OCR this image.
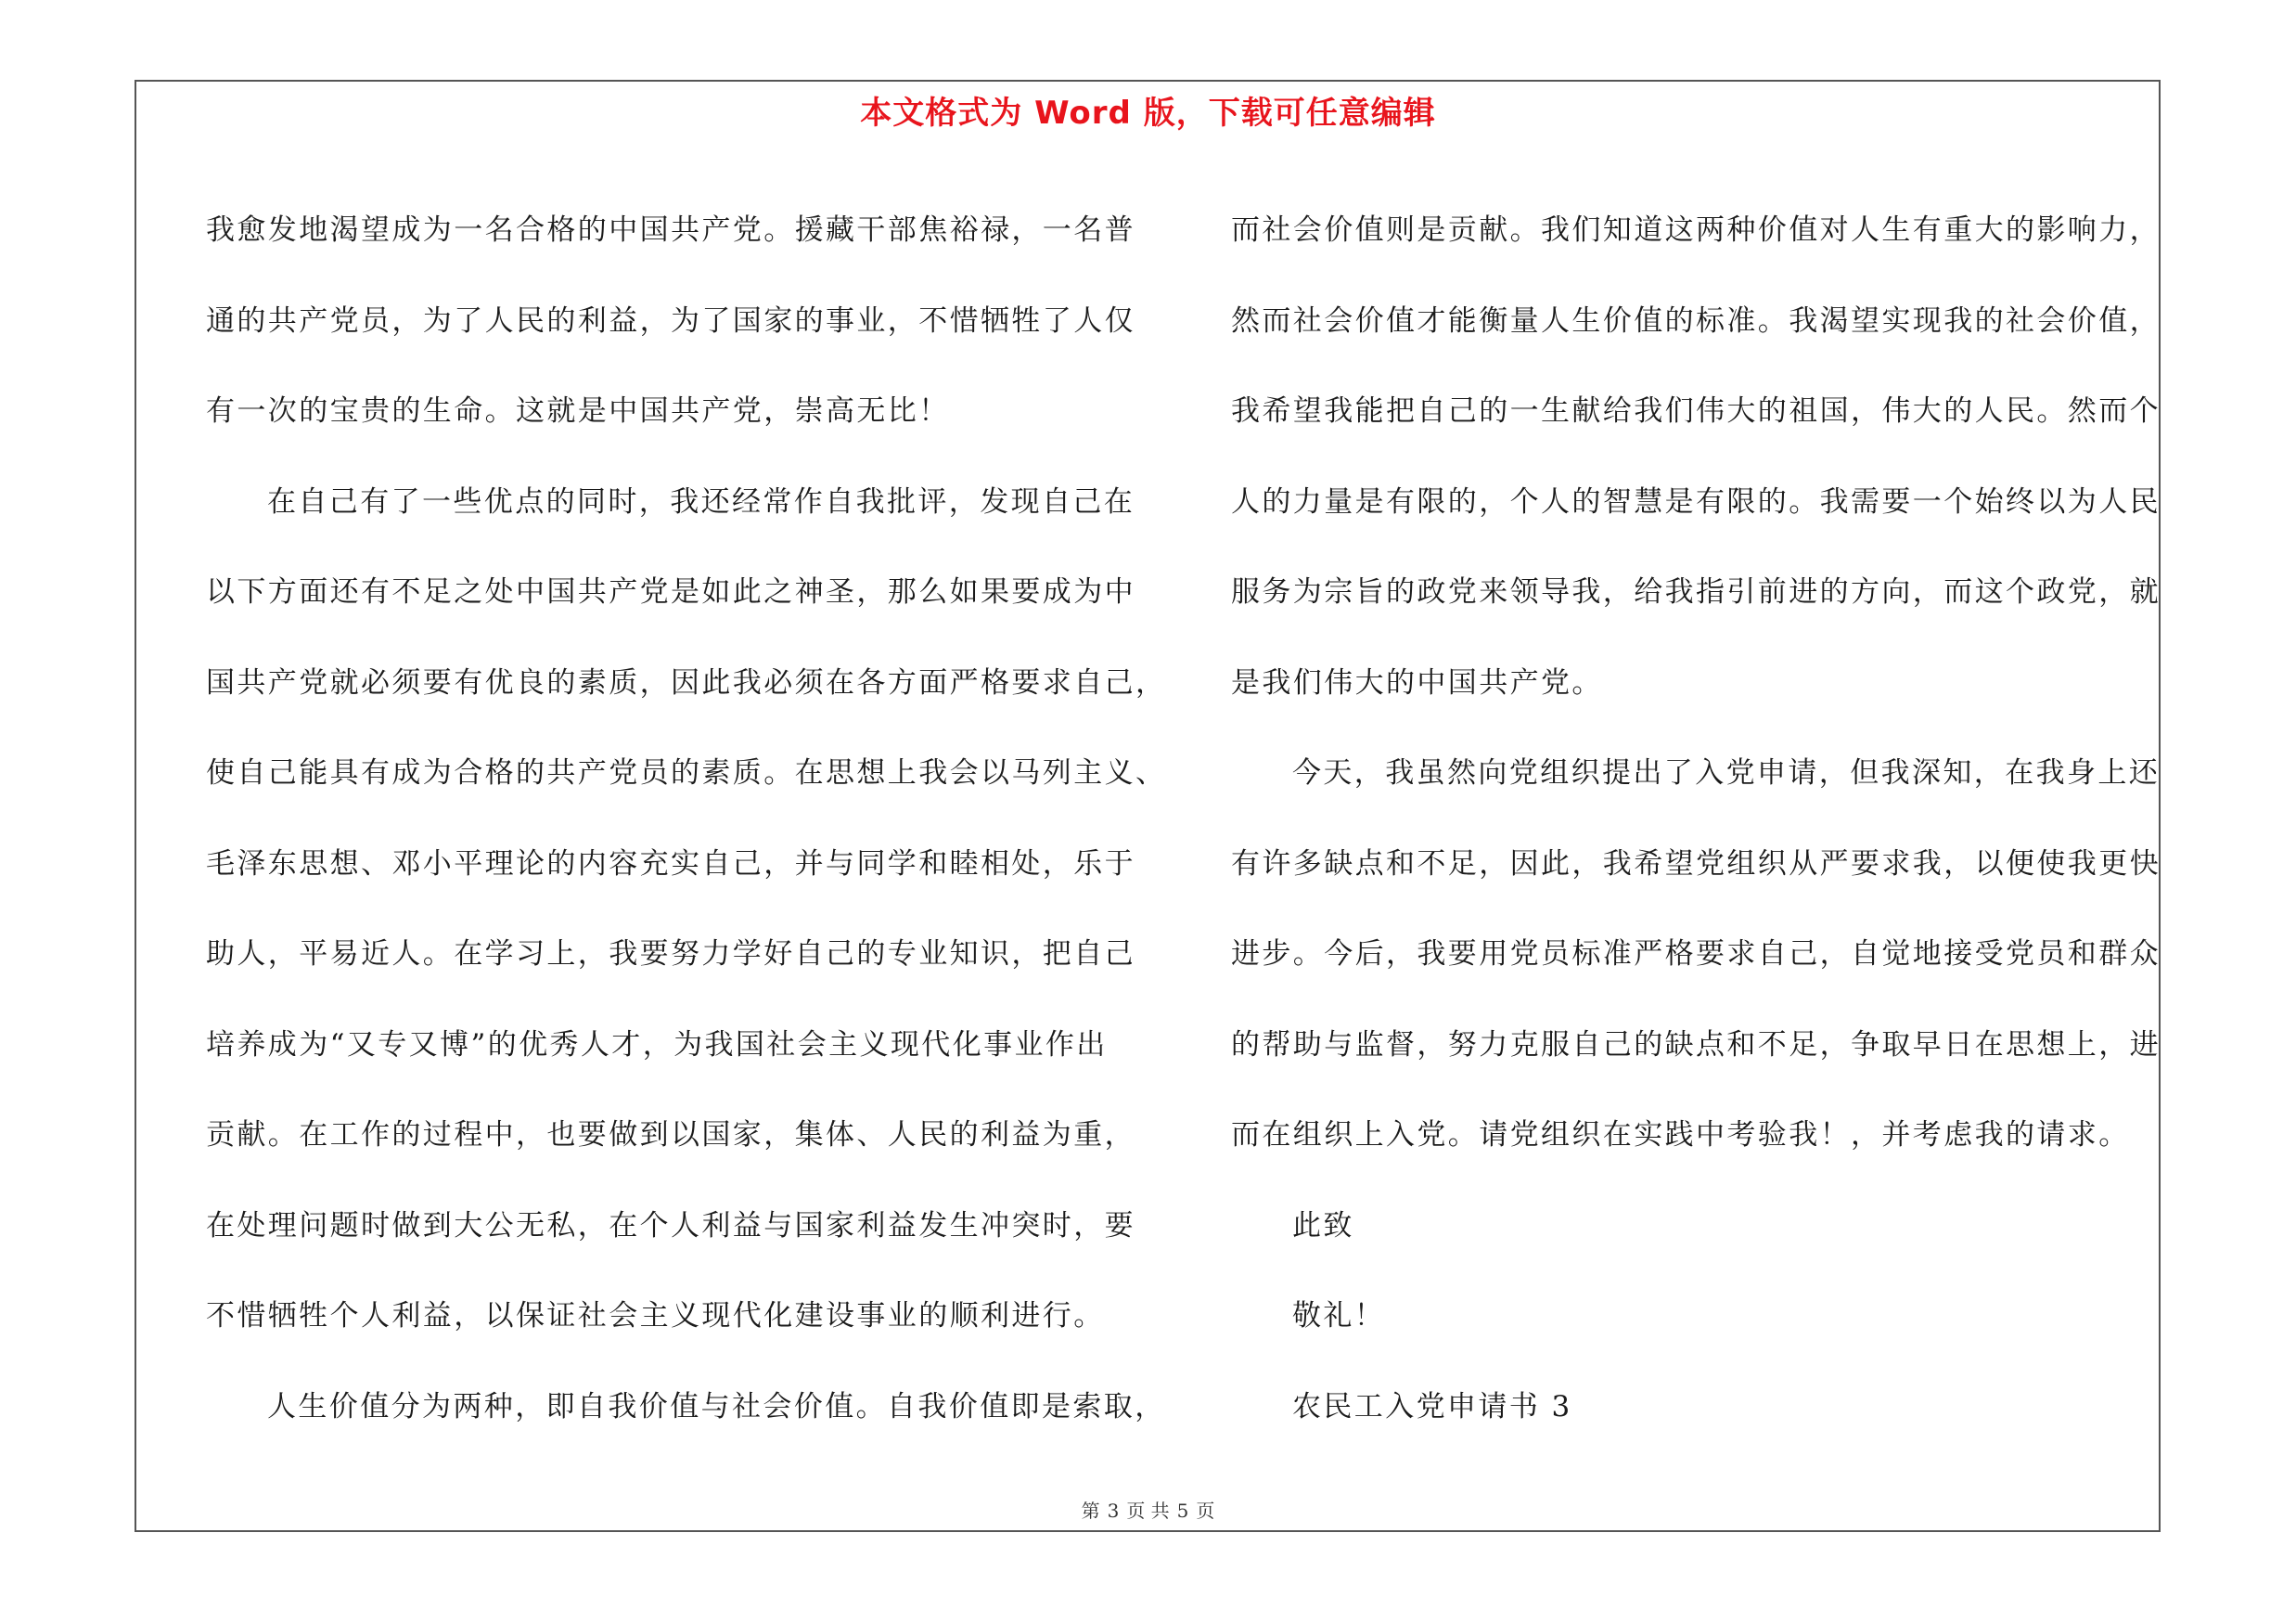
本文格式为 Word 版，下载可任意编辑

我愈发地渴望成为一名合格的中国共产党。援藏干部焦裕禄，一名普

通的共产党员，为了人民的利益，为了国家的事业，不惜牺牲了人仅

有一次的宝贵的生命。这就是中国共产党，崇高无比！

在自己有了一些优点的同时，我还经常作自我批评，发现自己在

以下方面还有不足之处中国共产党是如此之神圣，那么如果要成为中

国共产党就必须要有优良的素质，因此我必须在各方面严格要求自己，

使自己能具有成为合格的共产党员的素质。在思想上我会以马列主义、

毛泽东思想、邓小平理论的内容充实自己，并与同学和睦相处，乐于

助人，平易近人。在学习上，我要努力学好自己的专业知识，把自己

培养成为“又专又博”的优秀人才，为我国社会主义现代化事业作出

贡献。在工作的过程中，也要做到以国家，集体、人民的利益为重，

在处理问题时做到大公无私，在个人利益与国家利益发生冲突时，要

不惜牺牲个人利益，以保证社会主义现代化建设事业的顺利进行。

人生价值分为两种，即自我价值与社会价值。自我价值即是索取，

而社会价值则是贡献。我们知道这两种价值对人生有重大的影响力，

然而社会价值才能衡量人生价值的标准。我渴望实现我的社会价值，

我希望我能把自己的一生献给我们伟大的祖国，伟大的人民。然而个

人的力量是有限的，个人的智慧是有限的。我需要一个始终以为人民

服务为宗旨的政党来领导我，给我指引前进的方向，而这个政党，就

是我们伟大的中国共产党。

今天，我虽然向党组织提出了入党申请，但我深知，在我身上还

有许多缺点和不足，因此，我希望党组织从严要求我，以便使我更快

进步。今后，我要用党员标准严格要求自己，自觉地接受党员和群众

的帮助与监督，努力克服自己的缺点和不足，争取早日在思想上，进

而在组织上入党。请党组织在实践中考验我！，并考虑我的请求。

此致

敬礼！

农民工入党申请书 3

第 3 页 共 5 页
